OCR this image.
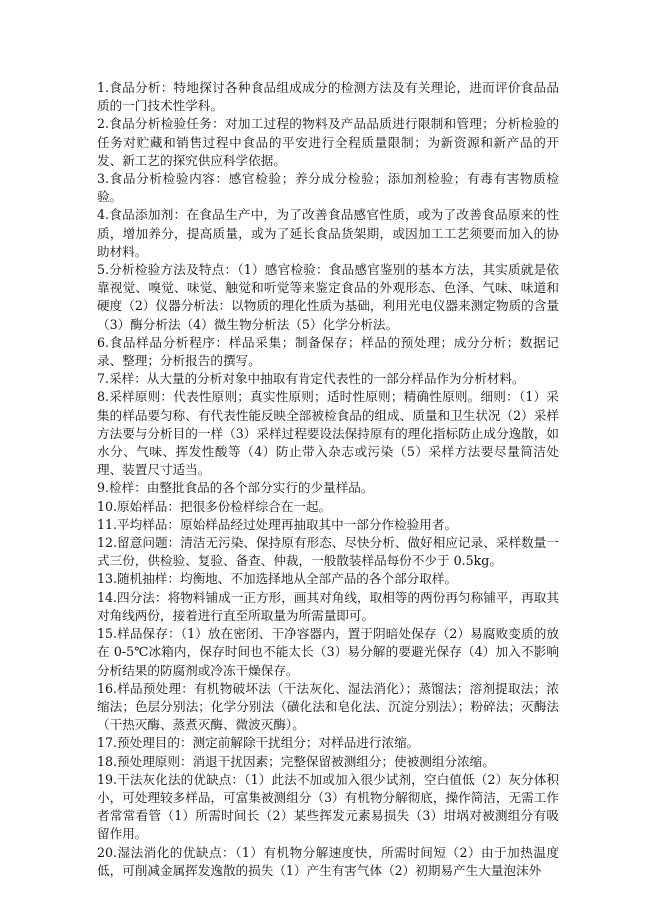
1.食品分析：特地探讨各种食品组成成分的检测方法及有关理论，进而评价食品品质的一门技术性学科。

2.食品分析检验任务：对加工过程的物料及产品品质进行限制和管理；分析检验的任务对贮藏和销售过程中食品的平安进行全程质量限制；为新资源和新产品的开发、新工艺的探究供应科学依据。

3.食品分析检验内容：感官检验；养分成分检验；添加剂检验；有毒有害物质检验。

4.食品添加剂：在食品生产中，为了改善食品感官性质，或为了改善食品原来的性质，增加养分，提高质量，或为了延长食品货架期，或因加工工艺须要而加入的协助材料。

5.分析检验方法及特点：（1）感官检验：食品感官鉴别的基本方法，其实质就是依靠视觉、嗅觉、味觉、触觉和听觉等来鉴定食品的外观形态、色泽、气味、味道和硬度（2）仪器分析法：以物质的理化性质为基础，利用光电仪器来测定物质的含量（3）酶分析法（4）微生物分析法（5）化学分析法。

6.食品样品分析程序：样品采集；制备保存；样品的预处理；成分分析；数据记录、整理；分析报告的撰写。

7.采样：从大量的分析对象中抽取有肯定代表性的一部分样品作为分析材料。

8.采样原则：代表性原则；真实性原则；适时性原则；精确性原则。细则：（1）采集的样品要匀称、有代表性能反映全部被检食品的组成、质量和卫生状况（2）采样方法要与分析目的一样（3）采样过程要设法保持原有的理化指标防止成分逸散，如水分、气味、挥发性酸等（4）防止带入杂志或污染（5）采样方法要尽量简洁处理、装置尺寸适当。

9.检样：由整批食品的各个部分实行的少量样品。

10.原始样品：把很多份检样综合在一起。

11.平均样品：原始样品经过处理再抽取其中一部分作检验用者。

12.留意问题：清洁无污染、保持原有形态、尽快分析、做好相应记录、采样数量一式三份，供检验、复验、备查、仲裁，一般散装样品每份不少于 0.5kg。

13.随机抽样：均衡地、不加选择地从全部产品的各个部分取样。

14.四分法：将物料铺成一正方形，画其对角线，取相等的两份再匀称铺平，再取其对角线两份，接着进行直至所取量为所需量即可。

15.样品保存：（1）放在密闭、干净容器内，置于阴暗处保存（2）易腐败变质的放在 0-5℃冰箱内，保存时间也不能太长（3）易分解的要避光保存（4）加入不影响分析结果的防腐剂或冷冻干燥保存。

16.样品预处理：有机物破坏法（干法灰化、湿法消化）；蒸馏法；溶剂提取法；浓缩法；色层分别法；化学分别法（磺化法和皂化法、沉淀分别法）；粉碎法；灭酶法（干热灭酶、蒸煮灭酶、微波灭酶）。

17.预处理目的：测定前解除干扰组分；对样品进行浓缩。

18.预处理原则：消退干扰因素；完整保留被测组分；使被测组分浓缩。

19.干法灰化法的优缺点：（1）此法不加或加入很少试剂，空白值低（2）灰分体积小，可处理较多样品，可富集被测组分（3）有机物分解彻底，操作简洁，无需工作者常常看管（1）所需时间长（2）某些挥发元素易损失（3）坩埚对被测组分有吸留作用。

20.湿法消化的优缺点：（1）有机物分解速度快，所需时间短（2）由于加热温度低，可削减金属挥发逸散的损失（1）产生有害气体（2）初期易产生大量泡沫外
